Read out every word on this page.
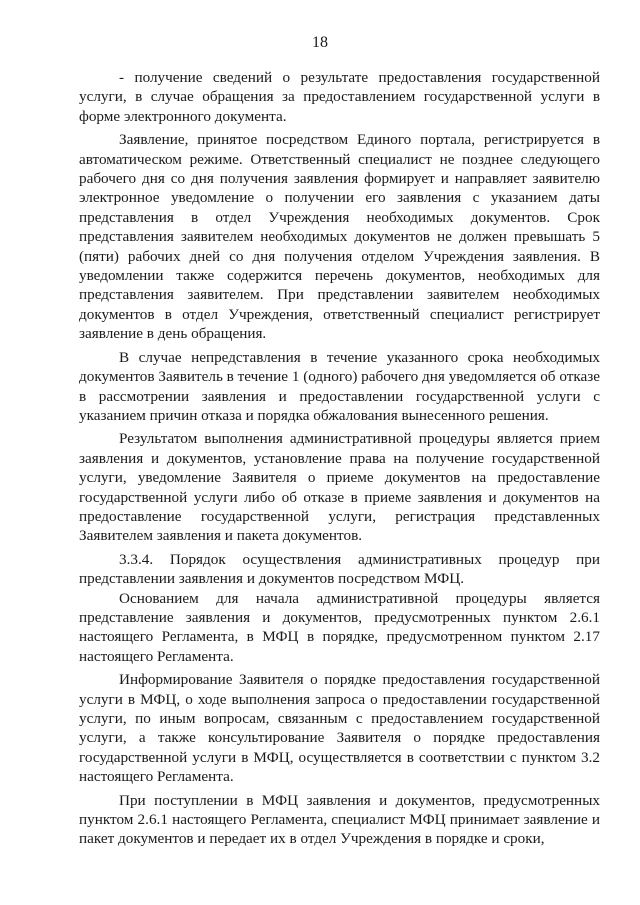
18

- получение сведений о результате предоставления государственной услуги, в случае обращения за предоставлением государственной услуги в форме электронного документа.

Заявление, принятое посредством Единого портала, регистрируется в автоматическом режиме. Ответственный специалист не позднее следующего рабочего дня со дня получения заявления формирует и направляет заявителю электронное уведомление о получении его заявления с указанием даты представления в отдел Учреждения необходимых документов. Срок представления заявителем необходимых документов не должен превышать 5 (пяти) рабочих дней со дня получения отделом Учреждения заявления. В уведомлении также содержится перечень документов, необходимых для представления заявителем. При представлении заявителем необходимых документов в отдел Учреждения, ответственный специалист регистрирует заявление в день обращения.

В случае непредставления в течение указанного срока необходимых документов Заявитель в течение 1 (одного) рабочего дня уведомляется об отказе в рассмотрении заявления и предоставлении государственной услуги с указанием причин отказа и порядка обжалования вынесенного решения.

Результатом выполнения административной процедуры является прием заявления и документов, установление права на получение государственной услуги, уведомление Заявителя о приеме документов на предоставление государственной услуги либо об отказе в приеме заявления и документов на предоставление государственной услуги, регистрация представленных Заявителем заявления и пакета документов.

3.3.4. Порядок осуществления административных процедур при представлении заявления и документов посредством МФЦ.

Основанием для начала административной процедуры является представление заявления и документов, предусмотренных пунктом 2.6.1 настоящего Регламента, в МФЦ в порядке, предусмотренном пунктом 2.17 настоящего Регламента.

Информирование Заявителя о порядке предоставления государственной услуги в МФЦ, о ходе выполнения запроса о предоставлении государственной услуги, по иным вопросам, связанным с предоставлением государственной услуги, а также консультирование Заявителя о порядке предоставления государственной услуги в МФЦ, осуществляется в соответствии с пунктом 3.2 настоящего Регламента.

При поступлении в МФЦ заявления и документов, предусмотренных пунктом 2.6.1 настоящего Регламента, специалист МФЦ принимает заявление и пакет документов и передает их в отдел Учреждения в порядке и сроки,
